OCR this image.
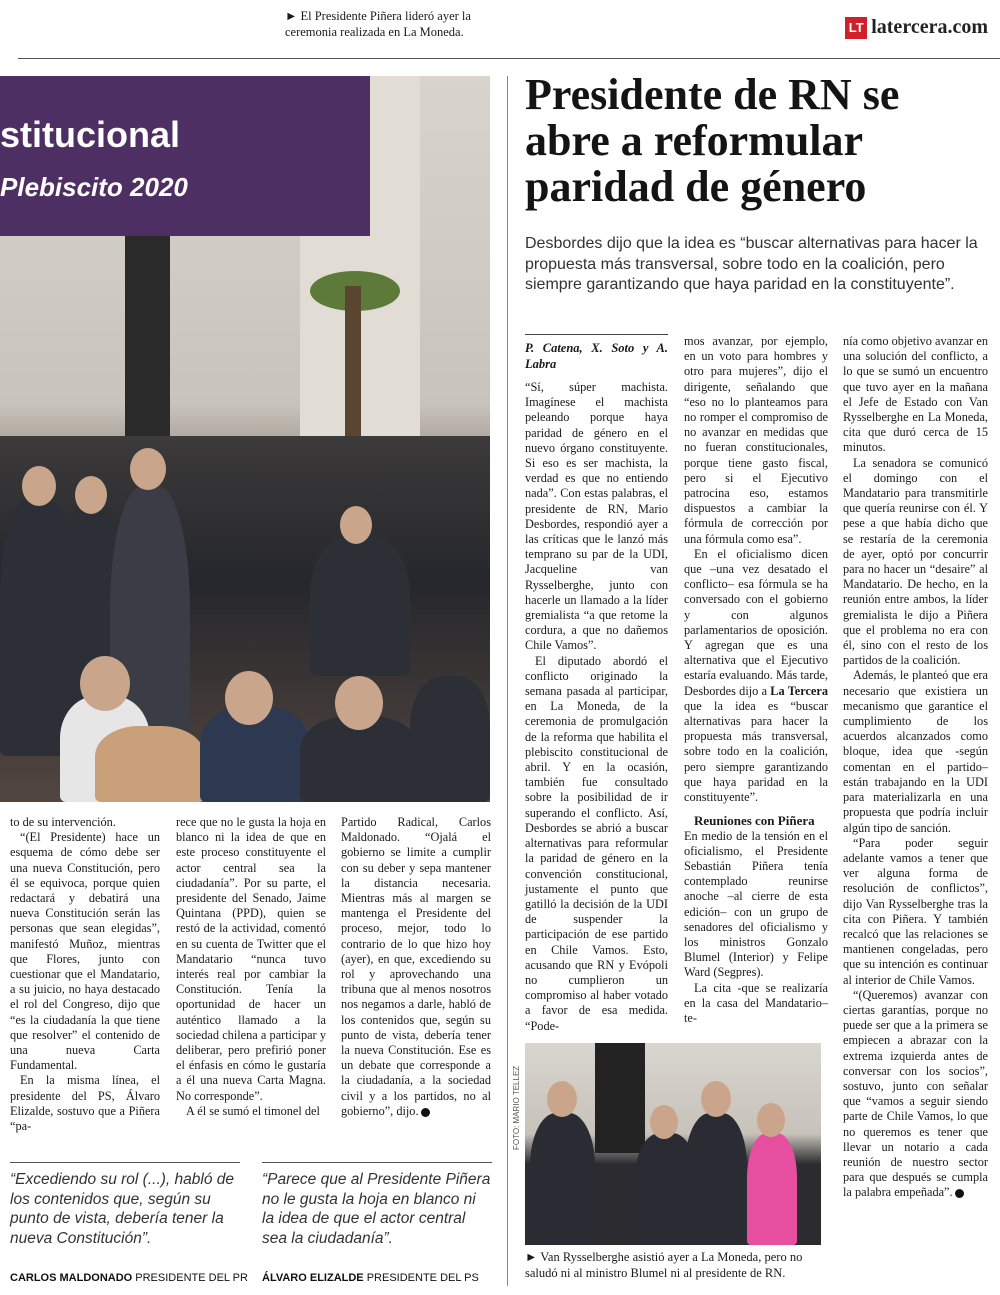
► El Presidente Piñera lideró ayer la ceremonia realizada en La Moneda.	LT latercera.com
stitucional
Plebiscito 2020
Presidente de RN se abre a reformular paridad de género
Desbordes dijo que la idea es “buscar alternativas para hacer la propuesta más transversal, sobre todo en la coalición, pero siempre garantizando que haya paridad en la constituyente”.
P. Catena, X. Soto y A. Labra

“Sí, súper machista. Imagínese el machista peleando porque haya paridad de género en el nuevo órgano constituyente. Si eso es ser machista, la verdad es que no entiendo nada”. Con estas palabras, el presidente de RN, Mario Desbordes, respondió ayer a las críticas que le lanzó más temprano su par de la UDI, Jacqueline van Rysselberghe, junto con hacerle un llamado a la líder gremialista “a que retome la cordura, a que no dañemos Chile Vamos”.

El diputado abordó el conflicto originado la semana pasada al participar, en La Moneda, de la ceremonia de promulgación de la reforma que habilita el plebiscito constitucional de abril. Y en la ocasión, también fue consultado sobre la posibilidad de ir superando el conflicto. Así, Desbordes se abrió a buscar alternativas para reformular la paridad de género en la convención constitucional, justamente el punto que gatilló la decisión de la UDI de suspender la participación de ese partido en Chile Vamos. Esto, acusando que RN y Evópoli no cumplieron un compromiso al haber votado a favor de esa medida. “Pode-

mos avanzar, por ejemplo, en un voto para hombres y otro para mujeres”, dijo el dirigente, señalando que “eso no lo planteamos para no romper el compromiso de no avanzar en medidas que no fueran constitucionales, porque tiene gasto fiscal, pero si el Ejecutivo patrocina eso, estamos dispuestos a cambiar la fórmula de corrección por una fórmula como esa”.

En el oficialismo dicen que –una vez desatado el conflicto– esa fórmula se ha conversado con el gobierno y con algunos parlamentarios de oposición. Y agregan que es una alternativa que el Ejecutivo estaría evaluando. Más tarde, Desbordes dijo a La Tercera que la idea es “buscar alternativas para hacer la propuesta más transversal, sobre todo en la coalición, pero siempre garantizando que haya paridad en la constituyente”.

Reuniones con Piñera

En medio de la tensión en el oficialismo, el Presidente Sebastián Piñera tenía contemplado reunirse anoche –al cierre de esta edición– con un grupo de senadores del oficialismo y los ministros Gonzalo Blumel (Interior) y Felipe Ward (Segpres).

La cita -que se realizaría en la casa del Mandatario– te-

nía como objetivo avanzar en una solución del conflicto, a lo que se sumó un encuentro que tuvo ayer en la mañana el Jefe de Estado con Van Rysselberghe en La Moneda, cita que duró cerca de 15 minutos.

La senadora se comunicó el domingo con el Mandatario para transmitirle que quería reunirse con él. Y pese a que había dicho que se restaría de la ceremonia de ayer, optó por concurrir para no hacer un “desaire” al Mandatario. De hecho, en la reunión entre ambos, la líder gremialista le dijo a Piñera que el problema no era con él, sino con el resto de los partidos de la coalición.

Además, le planteó que era necesario que existiera un mecanismo que garantice el cumplimiento de los acuerdos alcanzados como bloque, idea que -según comentan en el partido– están trabajando en la UDI para materializarla en una propuesta que podría incluir algún tipo de sanción.

“Para poder seguir adelante vamos a tener que ver alguna forma de resolución de conflictos”, dijo Van Rysselberghe tras la cita con Piñera. Y también recalcó que las relaciones se mantienen congeladas, pero que su intención es continuar al interior de Chile Vamos.

“(Queremos) avanzar con ciertas garantías, porque no puede ser que a la primera se empiecen a abrazar con la extrema izquierda antes de conversar con los socios”, sostuvo, junto con señalar que “vamos a seguir siendo parte de Chile Vamos, lo que no queremos es tener que llevar un notario a cada reunión de nuestro sector para que después se cumpla la palabra empeñada”.

to de su intervención.

“(El Presidente) hace un esquema de cómo debe ser una nueva Constitución, pero él se equivoca, porque quien redactará y debatirá una nueva Constitución serán las personas que sean elegidas”, manifestó Muñoz, mientras que Flores, junto con cuestionar que el Mandatario, a su juicio, no haya destacado el rol del Congreso, dijo que “es la ciudadanía la que tiene que resolver” el contenido de una nueva Carta Fundamental.

En la misma línea, el presidente del PS, Álvaro Elizalde, sostuvo que a Piñera “pa-

rece que no le gusta la hoja en blanco ni la idea de que en este proceso constituyente el actor central sea la ciudadanía”. Por su parte, el presidente del Senado, Jaime Quintana (PPD), quien se restó de la actividad, comentó en su cuenta de Twitter que el Mandatario “nunca tuvo interés real por cambiar la Constitución. Tenía la oportunidad de hacer un auténtico llamado a la sociedad chilena a participar y deliberar, pero prefirió poner el énfasis en cómo le gustaría a él una nueva Carta Magna. No corresponde”.

A él se sumó el timonel del

Partido Radical, Carlos Maldonado. “Ojalá el gobierno se limite a cumplir con su deber y sepa mantener la distancia necesaria. Mientras más al margen se mantenga el Presidente del proceso, mejor, todo lo contrario de lo que hizo hoy (ayer), en que, excediendo su rol y aprovechando una tribuna que al menos nosotros nos negamos a darle, habló de los contenidos que, según su punto de vista, debería tener la nueva Constitución. Ese es un debate que corresponde a la ciudadanía, a la sociedad civil y a los partidos, no al gobierno”, dijo.

“Excediendo su rol (...), habló de los contenidos que, según su punto de vista, debería tener la nueva Constitución”.
CARLOS MALDONADO PRESIDENTE DEL PR
“Parece que al Presidente Piñera no le gusta la hoja en blanco ni la idea de que el actor central sea la ciudadanía”.
ÁLVARO ELIZALDE PRESIDENTE DEL PS
FOTO: MARIO TELLEZ
► Van Rysselberghe asistió ayer a La Moneda, pero no saludó ni al ministro Blumel ni al presidente de RN.
